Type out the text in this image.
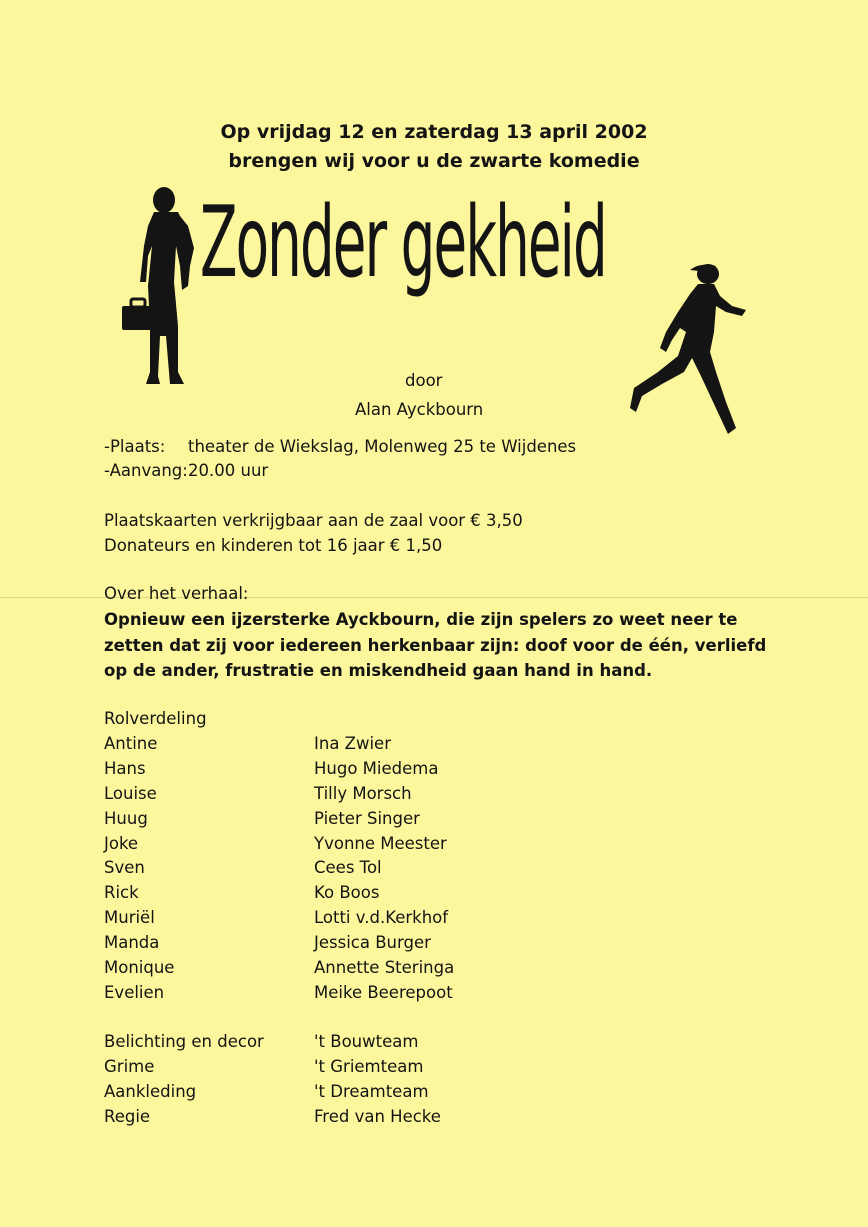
Op vrijdag 12 en zaterdag 13 april 2002
brengen wij voor u de zwarte komedie
Zonder gekheid
door
Alan Ayckbourn
-Plaats: theater de Wiekslag, Molenweg 25 te Wijdenes
-Aanvang: 20.00 uur
Plaatskaarten verkrijgbaar aan de zaal voor € 3,50
Donateurs en kinderen tot 16 jaar € 1,50
Over het verhaal:
Opnieuw een ijzersterke Ayckbourn, die zijn spelers zo weet neer te
zetten dat zij voor iedereen herkenbaar zijn: doof voor de één, verliefd
op de ander, frustratie en miskendheid gaan hand in hand.
Rolverdeling
Antine	Ina Zwier
Hans	Hugo Miedema
Louise	Tilly Morsch
Huug	Pieter Singer
Joke	Yvonne Meester
Sven	Cees Tol
Rick	Ko Boos
Muriël	Lotti v.d.Kerkhof
Manda	Jessica Burger
Monique	Annette Steringa
Evelien	Meike Beerepoot
Belichting en decor	't Bouwteam
Grime	't Griemteam
Aankleding	't Dreamteam
Regie	Fred van Hecke
